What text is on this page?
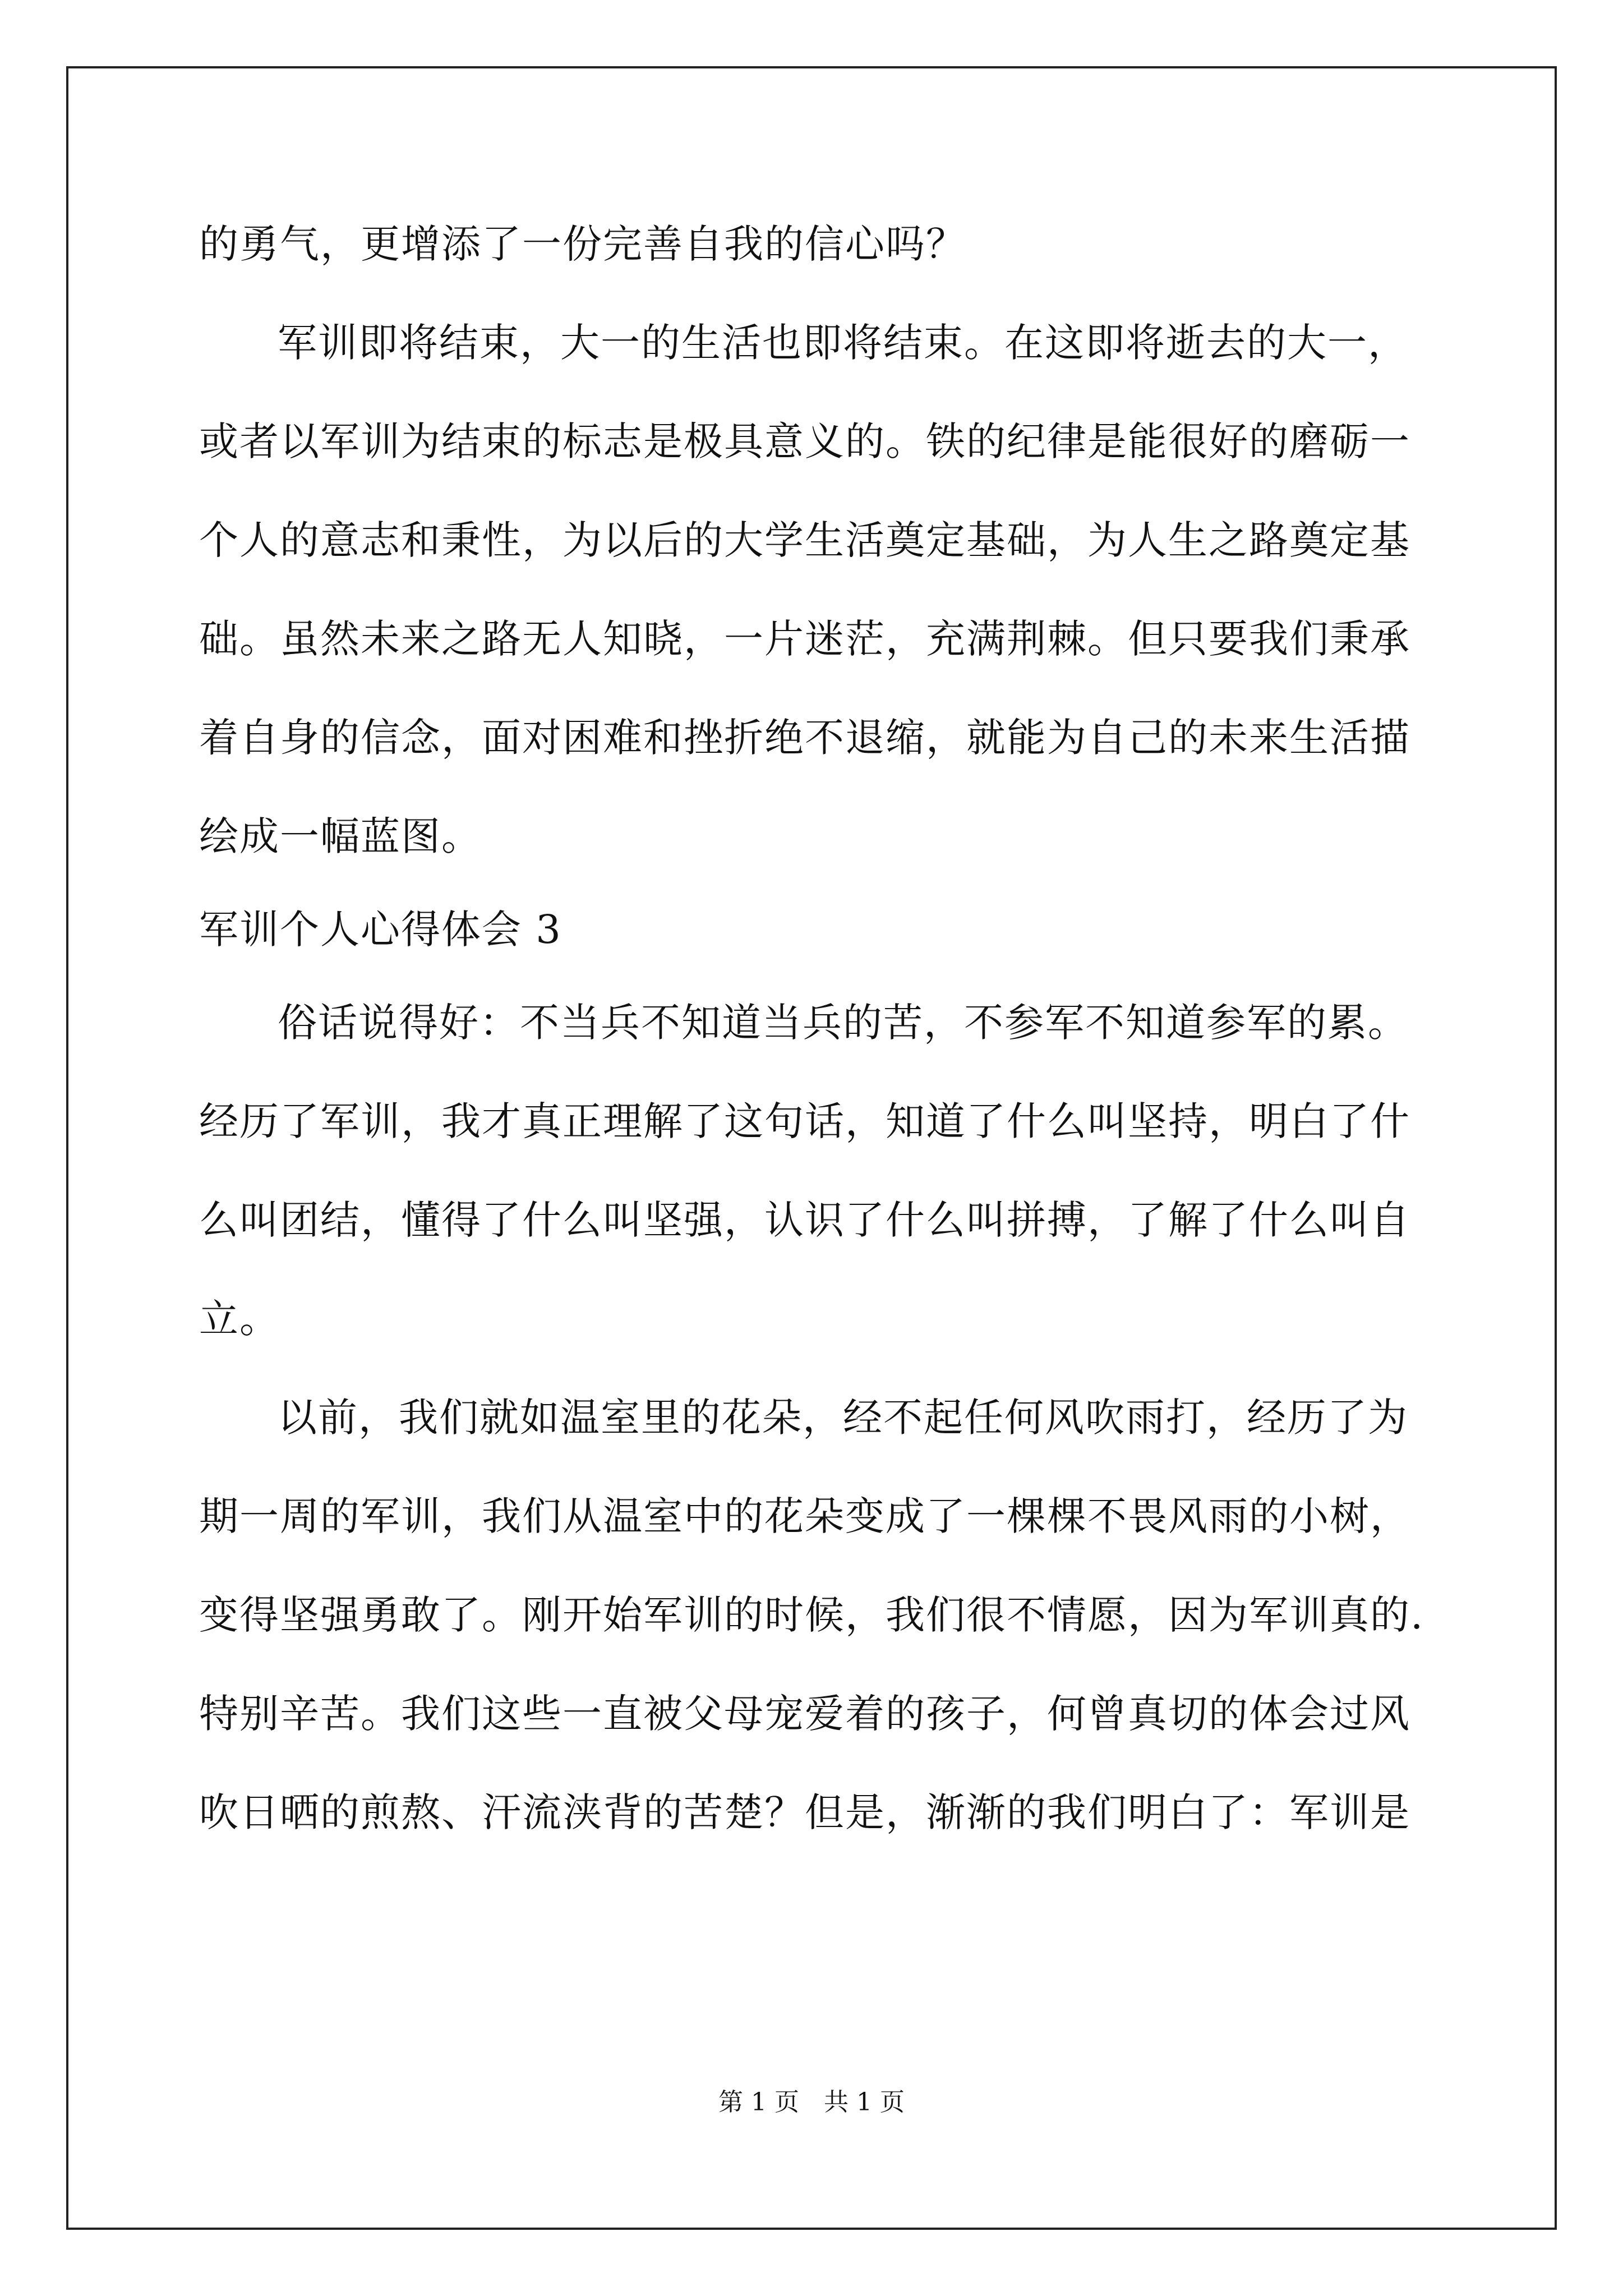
的勇气，更增添了一份完善自我的信心吗？
军训即将结束，大一的生活也即将结束。在这即将逝去的大一，
或者以军训为结束的标志是极具意义的。铁的纪律是能很好的磨砺一
个人的意志和秉性，为以后的大学生活奠定基础，为人生之路奠定基
础。虽然未来之路无人知晓，一片迷茫，充满荆棘。但只要我们秉承
着自身的信念，面对困难和挫折绝不退缩，就能为自己的未来生活描
绘成一幅蓝图。
军训个人心得体会 3
俗话说得好：不当兵不知道当兵的苦，不参军不知道参军的累。
经历了军训，我才真正理解了这句话，知道了什么叫坚持，明白了什
么叫团结，懂得了什么叫坚强，认识了什么叫拼搏，了解了什么叫自
立。
以前，我们就如温室里的花朵，经不起任何风吹雨打，经历了为
期一周的军训，我们从温室中的花朵变成了一棵棵不畏风雨的小树，
变得坚强勇敢了。刚开始军训的时候，我们很不情愿，因为军训真的.
特别辛苦。我们这些一直被父母宠爱着的孩子，何曾真切的体会过风
吹日晒的煎熬、汗流浃背的苦楚？但是，渐渐的我们明白了：军训是
第 1 页　共 1 页
